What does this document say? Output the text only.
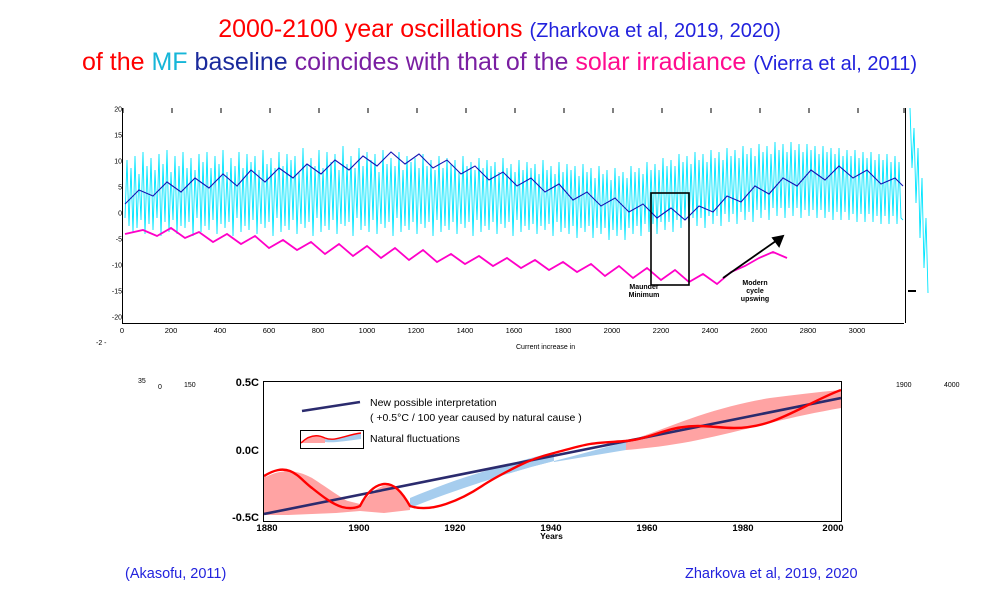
2000-2100 year oscillations (Zharkova et al, 2019, 2020)
of the MF baseline coincides with that of the solar irradiance (Vierra et al, 2011)
20
15
10
5
0
-5
-10
-15
-20
0	200	400	600	800	1000	1200	1400	1600	1800	2000	2200	2400	2600	2800	3000
Maunder
Minimum
Modern
cycle
upswing
-2 -
Current increase in
35
0	150	1900	4000
0.5C
0.0C
-0.5C
New possible interpretation
( +0.5°C / 100 year caused by natural cause )
Natural fluctuations
1880	1900	1920	1940	1960	1980	2000
Years
(Akasofu, 2011)	Zharkova et al, 2019, 2020
